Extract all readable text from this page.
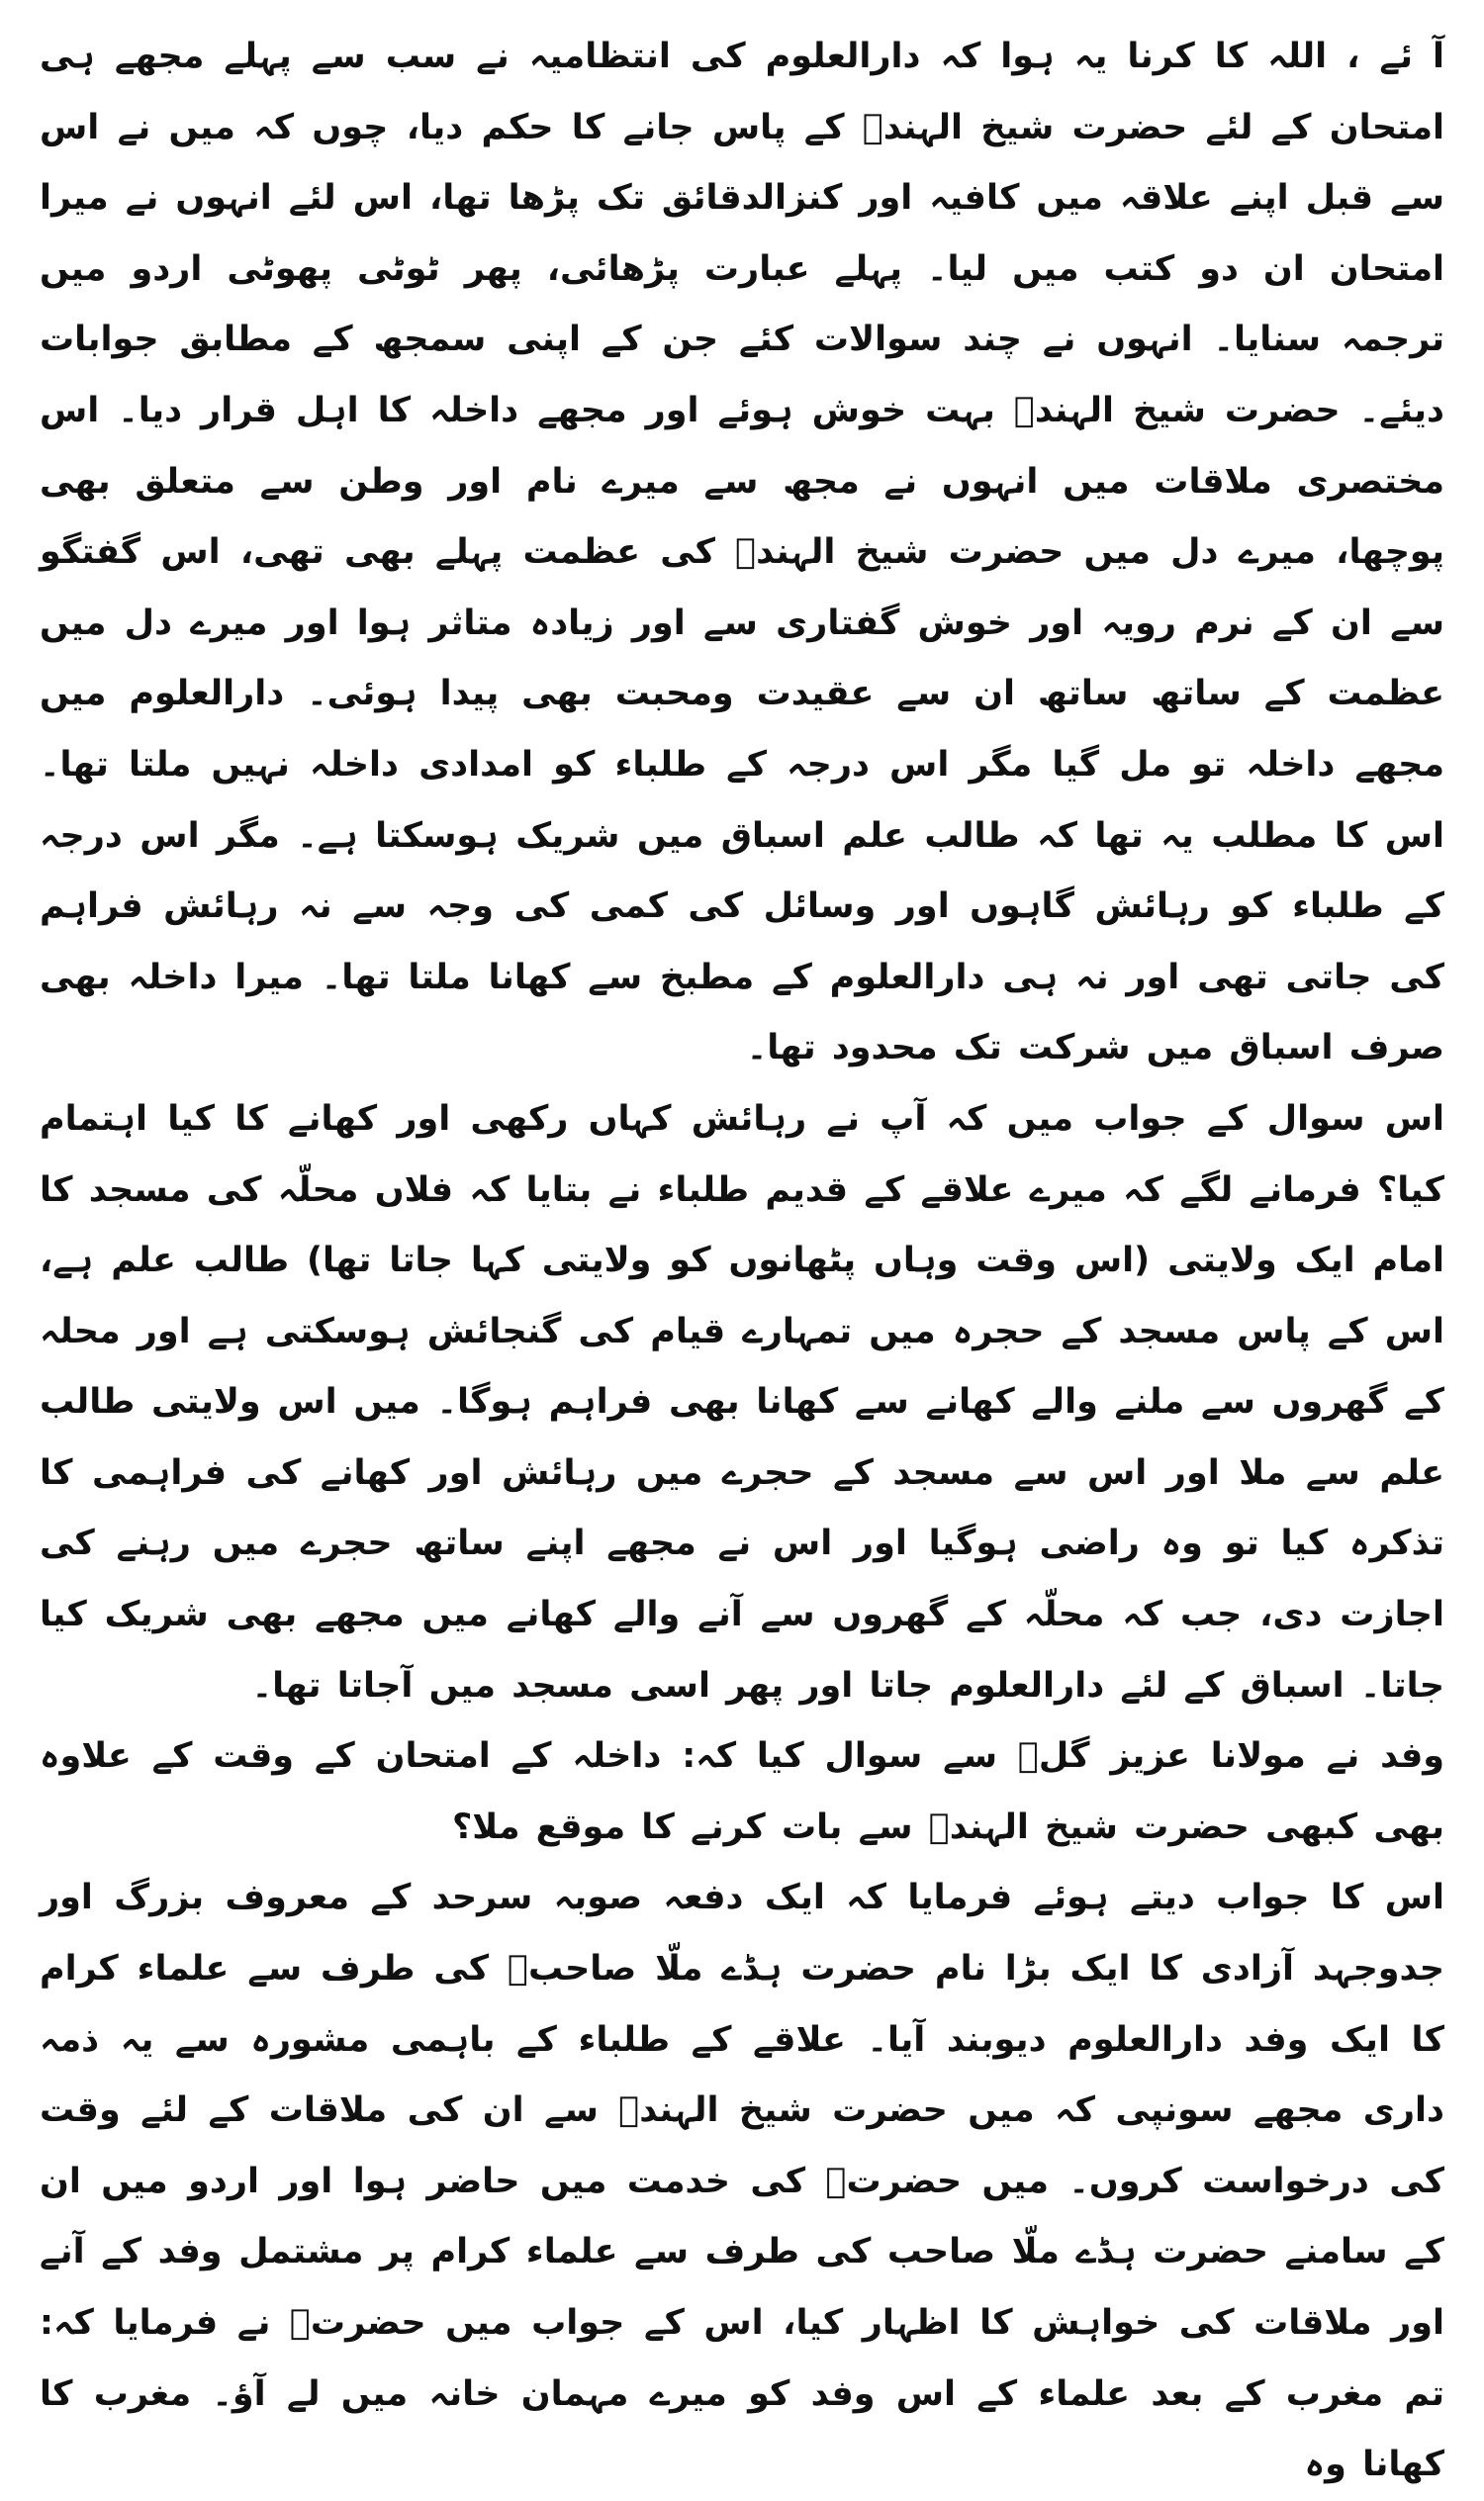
آ ئے ، اللہ کا کرنا یہ ہوا کہ دارالعلوم کی انتظامیہ نے سب سے پہلے مجھے ہی امتحان کے لئے حضرت شیخ الہندؒ کے پاس جانے کا حکم دیا، چوں کہ میں نے اس سے قبل اپنے علاقہ میں کافیہ اور کنزالدقائق تک پڑھا تھا، اس لئے انہوں نے میرا امتحان ان دو کتب میں لیا۔ پہلے عبارت پڑھائی، پھر ٹوٹی پھوٹی اردو میں ترجمہ سنایا۔ انہوں نے چند سوالات کئے جن کے اپنی سمجھ کے مطابق جوابات دیئے۔ حضرت شیخ الہندؒ بہت خوش ہوئے اور مجھے داخلہ کا اہل قرار دیا۔ اس مختصری ملاقات میں انہوں نے مجھ سے میرے نام اور وطن سے متعلق بھی پوچھا، میرے دل میں حضرت شیخ الہندؒ کی عظمت پہلے بھی تھی، اس گفتگو سے ان کے نرم رویہ اور خوش گفتاری سے اور زیادہ متاثر ہوا اور میرے دل میں عظمت کے ساتھ ساتھ ان سے عقیدت ومحبت بھی پیدا ہوئی۔ دارالعلوم میں مجھے داخلہ تو مل گیا مگر اس درجہ کے طلباء کو امدادی داخلہ نہیں ملتا تھا۔ اس کا مطلب یہ تھا کہ طالب علم اسباق میں شریک ہوسکتا ہے۔ مگر اس درجہ کے طلباء کو رہائش گاہوں اور وسائل کی کمی کی وجہ سے نہ رہائش فراہم کی جاتی تھی اور نہ ہی دارالعلوم کے مطبخ سے کھانا ملتا تھا۔ میرا داخلہ بھی صرف اسباق میں شرکت تک محدود تھا۔

اس سوال کے جواب میں کہ آپ نے رہائش کہاں رکھی اور کھانے کا کیا اہتمام کیا؟ فرمانے لگے کہ میرے علاقے کے قدیم طلباء نے بتایا کہ فلاں محلّہ کی مسجد کا امام ایک ولایتی (اس وقت وہاں پٹھانوں کو ولایتی کہا جاتا تھا) طالب علم ہے، اس کے پاس مسجد کے حجرہ میں تمہارے قیام کی گنجائش ہوسکتی ہے اور محلہ کے گھروں سے ملنے والے کھانے سے کھانا بھی فراہم ہوگا۔ میں اس ولایتی طالب علم سے ملا اور اس سے مسجد کے حجرے میں رہائش اور کھانے کی فراہمی کا تذکرہ کیا تو وہ راضی ہوگیا اور اس نے مجھے اپنے ساتھ حجرے میں رہنے کی اجازت دی، جب کہ محلّہ کے گھروں سے آنے والے کھانے میں مجھے بھی شریک کیا جاتا۔ اسباق کے لئے دارالعلوم جاتا اور پھر اسی مسجد میں آجاتا تھا۔

وفد نے مولانا عزیز گلؒ سے سوال کیا کہ: داخلہ کے امتحان کے وقت کے علاوہ بھی کبھی حضرت شیخ الہندؒ سے بات کرنے کا موقع ملا؟

اس کا جواب دیتے ہوئے فرمایا کہ ایک دفعہ صوبہ سرحد کے معروف بزرگ اور جدوجہد آزادی کا ایک بڑا نام حضرت ہڈے ملّا صاحبؒ کی طرف سے علماء کرام کا ایک وفد دارالعلوم دیوبند آیا۔ علاقے کے طلباء کے باہمی مشورہ سے یہ ذمہ داری مجھے سونپی کہ میں حضرت شیخ الہندؒ سے ان کی ملاقات کے لئے وقت کی درخواست کروں۔ میں حضرتؒ کی خدمت میں حاضر ہوا اور اردو میں ان کے سامنے حضرت ہڈے ملّا صاحب کی طرف سے علماء کرام پر مشتمل وفد کے آنے اور ملاقات کی خواہش کا اظہار کیا، اس کے جواب میں حضرتؒ نے فرمایا کہ: تم مغرب کے بعد علماء کے اس وفد کو میرے مہمان خانہ میں لے آؤ۔ مغرب کا کھانا وہ
